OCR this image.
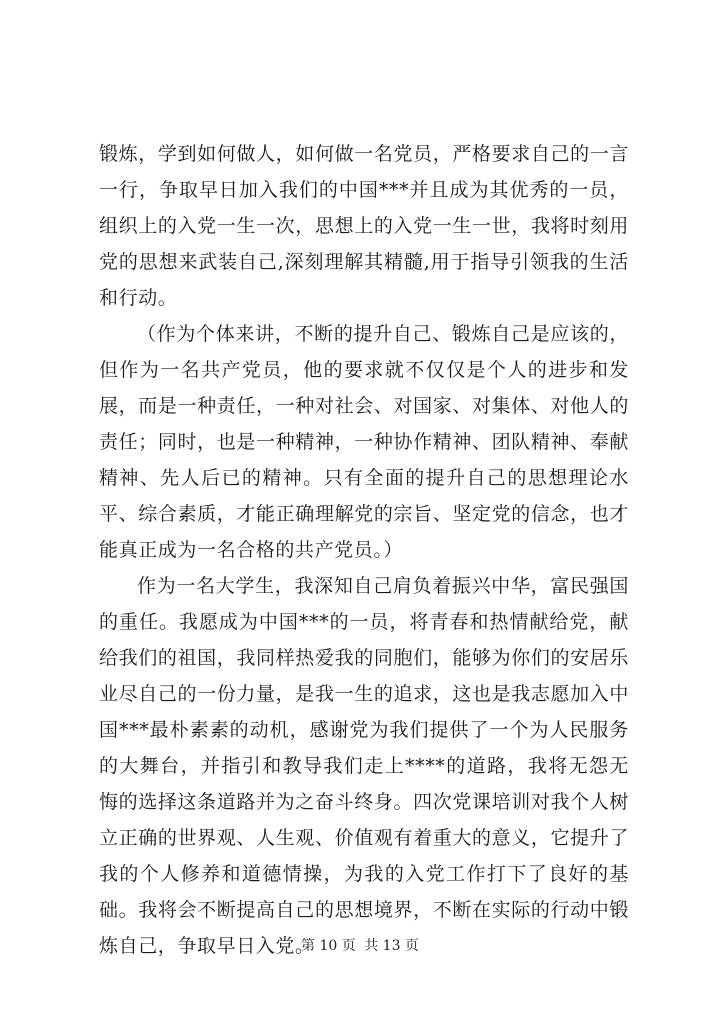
锻炼，学到如何做人，如何做一名党员，严格要求自己的一言一行，争取早日加入我们的中国***并且成为其优秀的一员，组织上的入党一生一次，思想上的入党一生一世，我将时刻用党的思想来武装自己,深刻理解其精髓,用于指导引领我的生活和行动。

（作为个体来讲，不断的提升自己、锻炼自己是应该的，但作为一名共产党员，他的要求就不仅仅是个人的进步和发展，而是一种责任，一种对社会、对国家、对集体、对他人的责任；同时，也是一种精神，一种协作精神、团队精神、奉献精神、先人后已的精神。只有全面的提升自己的思想理论水平、综合素质，才能正确理解党的宗旨、坚定党的信念，也才能真正成为一名合格的共产党员。）

作为一名大学生，我深知自己肩负着振兴中华，富民强国的重任。我愿成为中国***的一员，将青春和热情献给党，献给我们的祖国，我同样热爱我的同胞们，能够为你们的安居乐业尽自己的一份力量，是我一生的追求，这也是我志愿加入中国***最朴素素的动机，感谢党为我们提供了一个为人民服务的大舞台，并指引和教导我们走上****的道路，我将无怨无悔的选择这条道路并为之奋斗终身。四次党课培训对我个人树立正确的世界观、人生观、价值观有着重大的意义，它提升了我的个人修养和道德情操，为我的入党工作打下了良好的基础。我将会不断提高自己的思想境界，不断在实际的行动中锻炼自己，争取早日入党。

第 10 页 共 13 页
